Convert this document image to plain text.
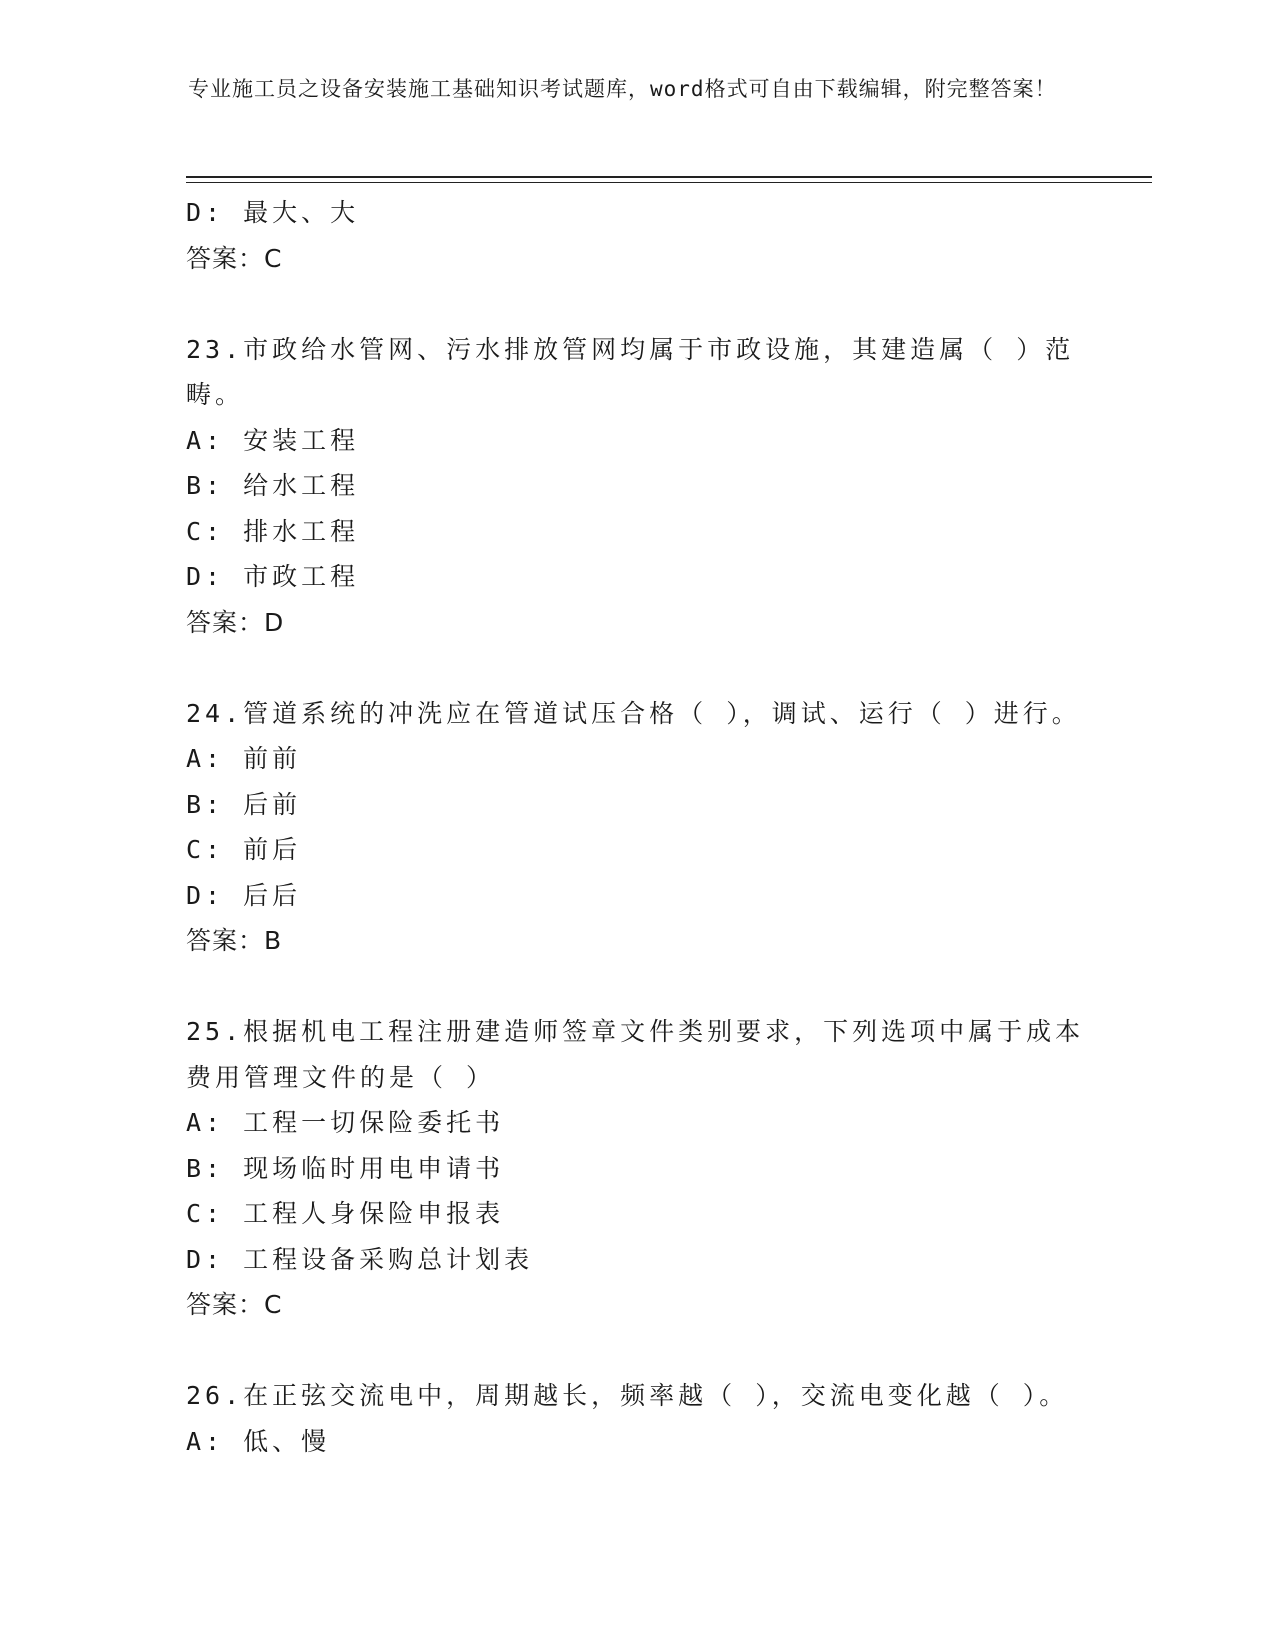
专业施工员之设备安装施工基础知识考试题库，word格式可自由下载编辑，附完整答案！
D: 最大、大
答案：C
23.市政给水管网、污水排放管网均属于市政设施，其建造属（ ）范畴。
A: 安装工程
B: 给水工程
C: 排水工程
D: 市政工程
答案：D
24.管道系统的冲洗应在管道试压合格（ ），调试、运行（ ）进行。
A: 前前
B: 后前
C: 前后
D: 后后
答案：B
25.根据机电工程注册建造师签章文件类别要求，下列选项中属于成本费用管理文件的是（ ）
A: 工程一切保险委托书
B: 现场临时用电申请书
C: 工程人身保险申报表
D: 工程设备采购总计划表
答案：C
26.在正弦交流电中，周期越长，频率越（ ），交流电变化越（ ）。
A: 低、慢
